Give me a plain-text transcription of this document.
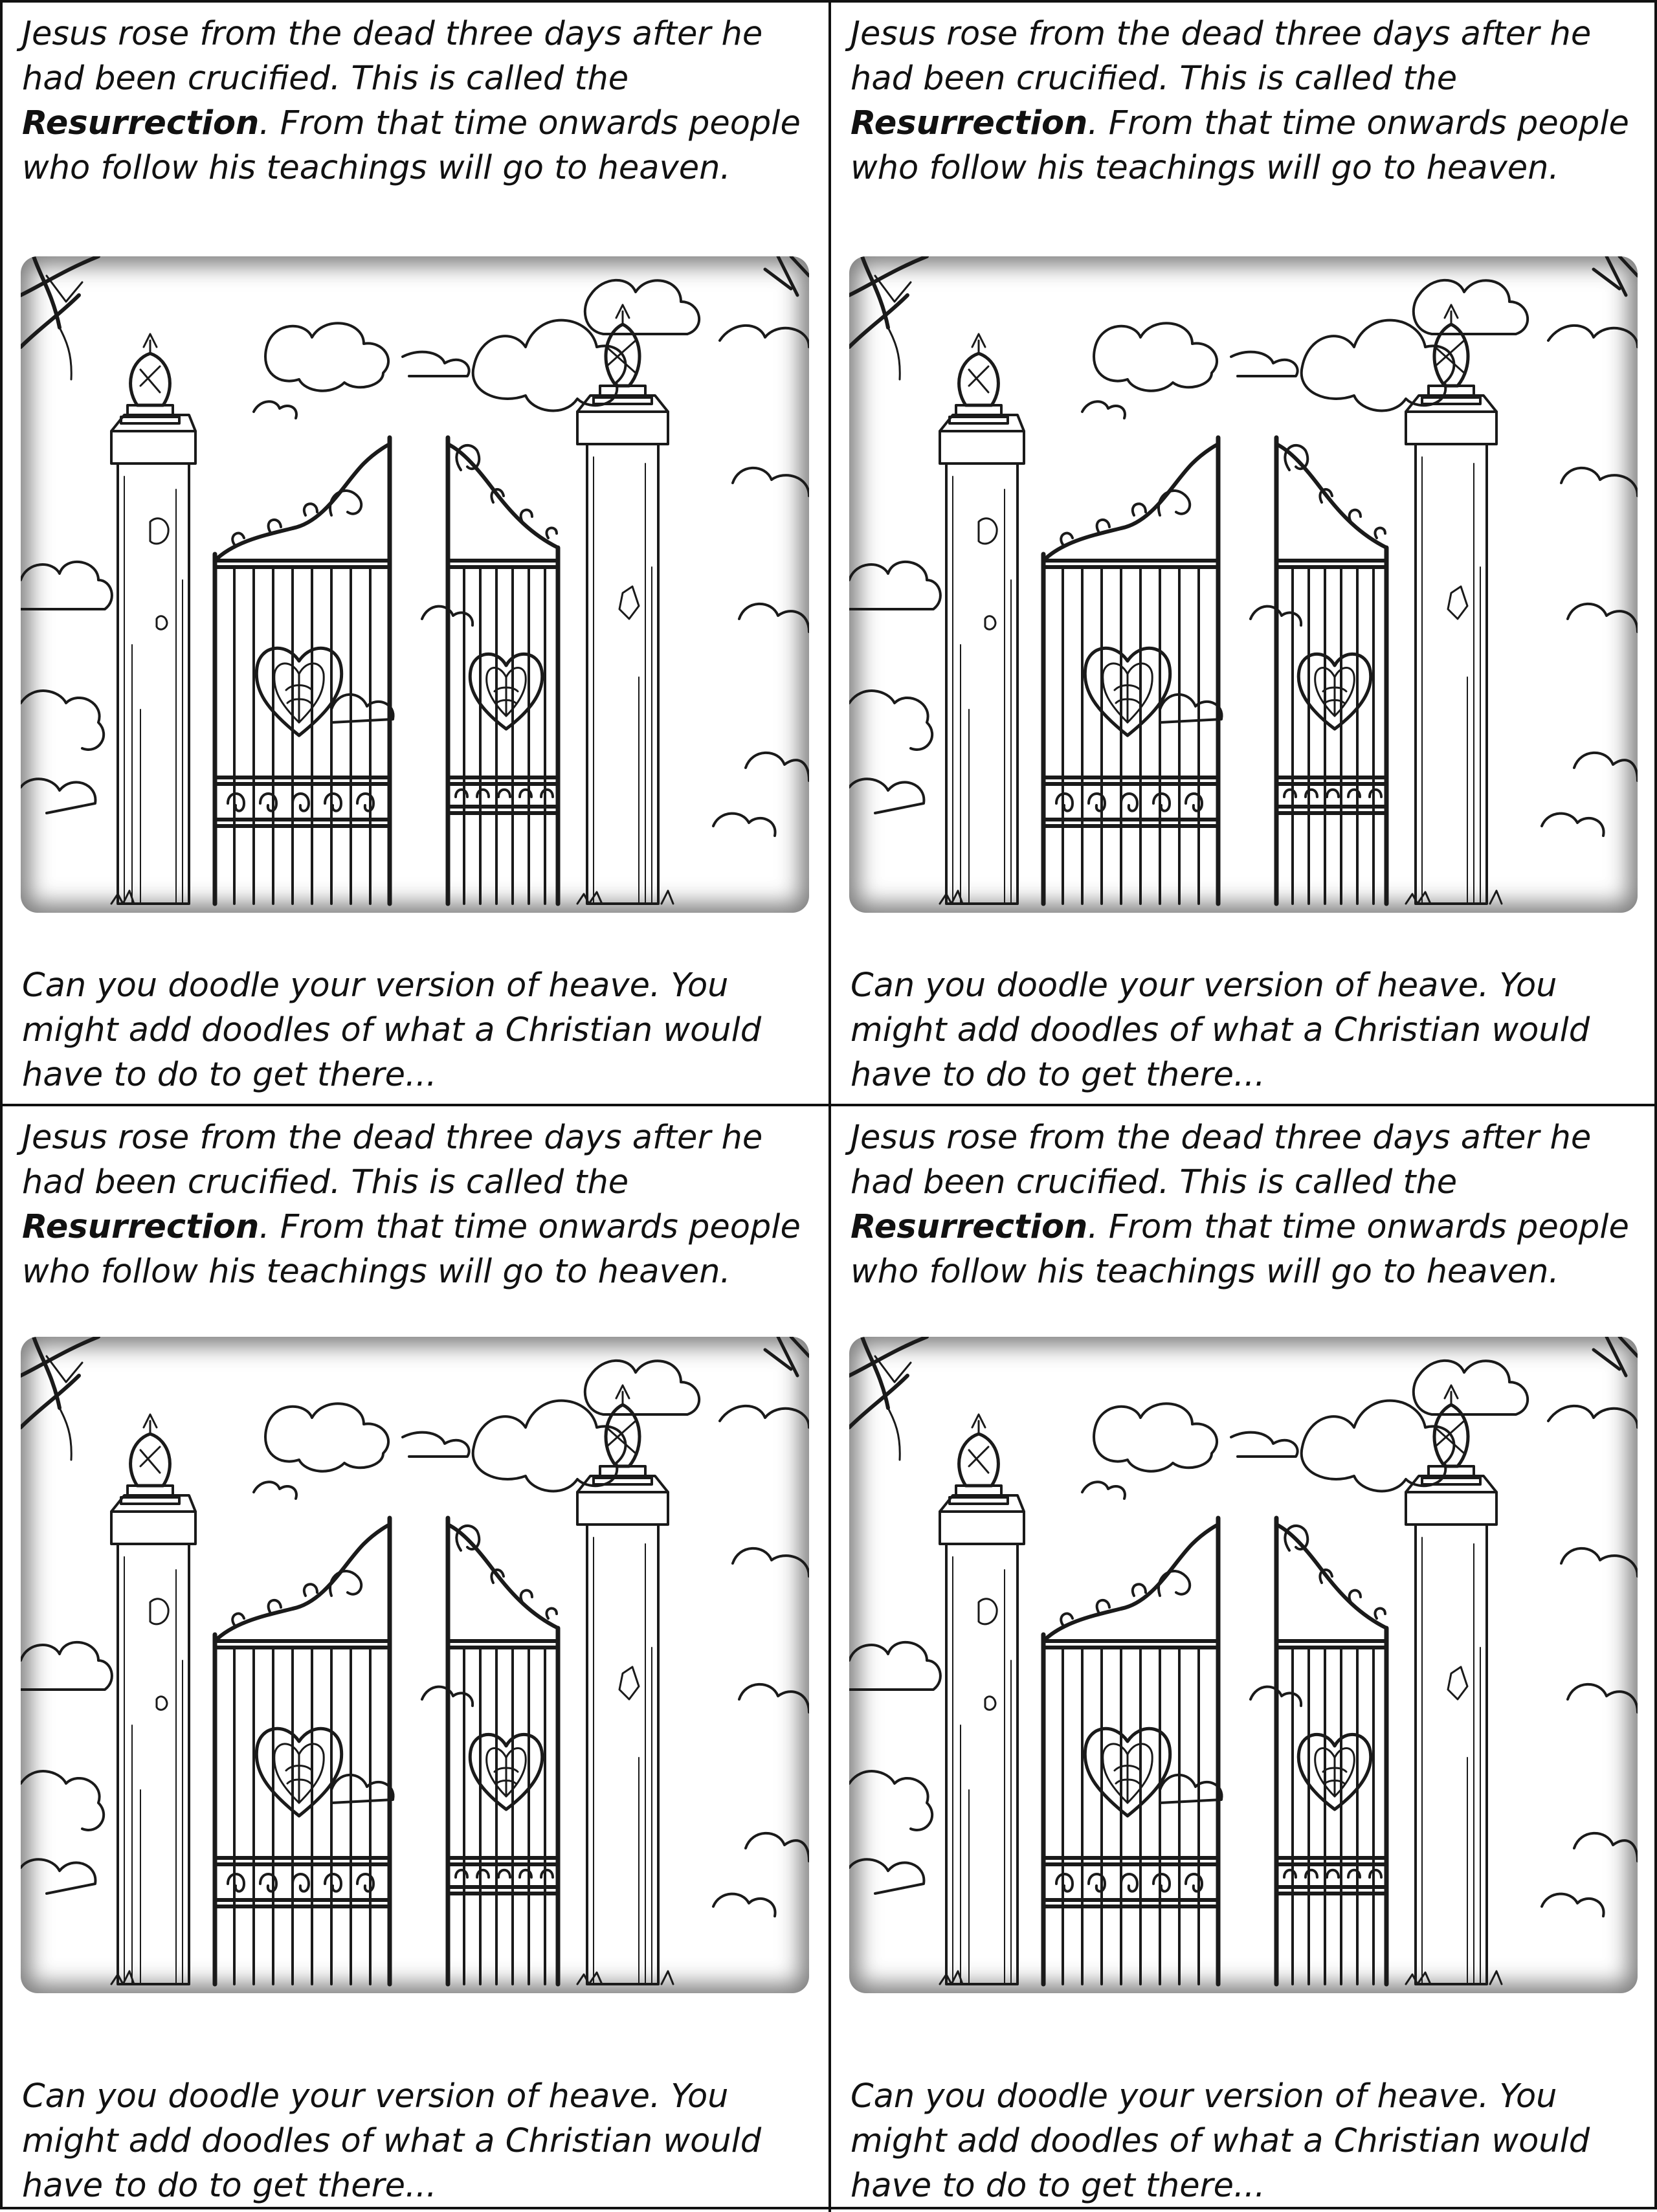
Jesus rose from the dead three days after he had been crucified. This is called the Resurrection. From that time onwards people who follow his teachings will go to heaven.

Can you doodle your version of heave. You might add doodles of what a Christian would have to do to get there...

Jesus rose from the dead three days after he had been crucified. This is called the Resurrection. From that time onwards people who follow his teachings will go to heaven.

Can you doodle your version of heave. You might add doodles of what a Christian would have to do to get there...

Jesus rose from the dead three days after he had been crucified. This is called the Resurrection. From that time onwards people who follow his teachings will go to heaven.

Can you doodle your version of heave. You might add doodles of what a Christian would have to do to get there...

Jesus rose from the dead three days after he had been crucified. This is called the Resurrection. From that time onwards people who follow his teachings will go to heaven.

Can you doodle your version of heave. You might add doodles of what a Christian would have to do to get there...
